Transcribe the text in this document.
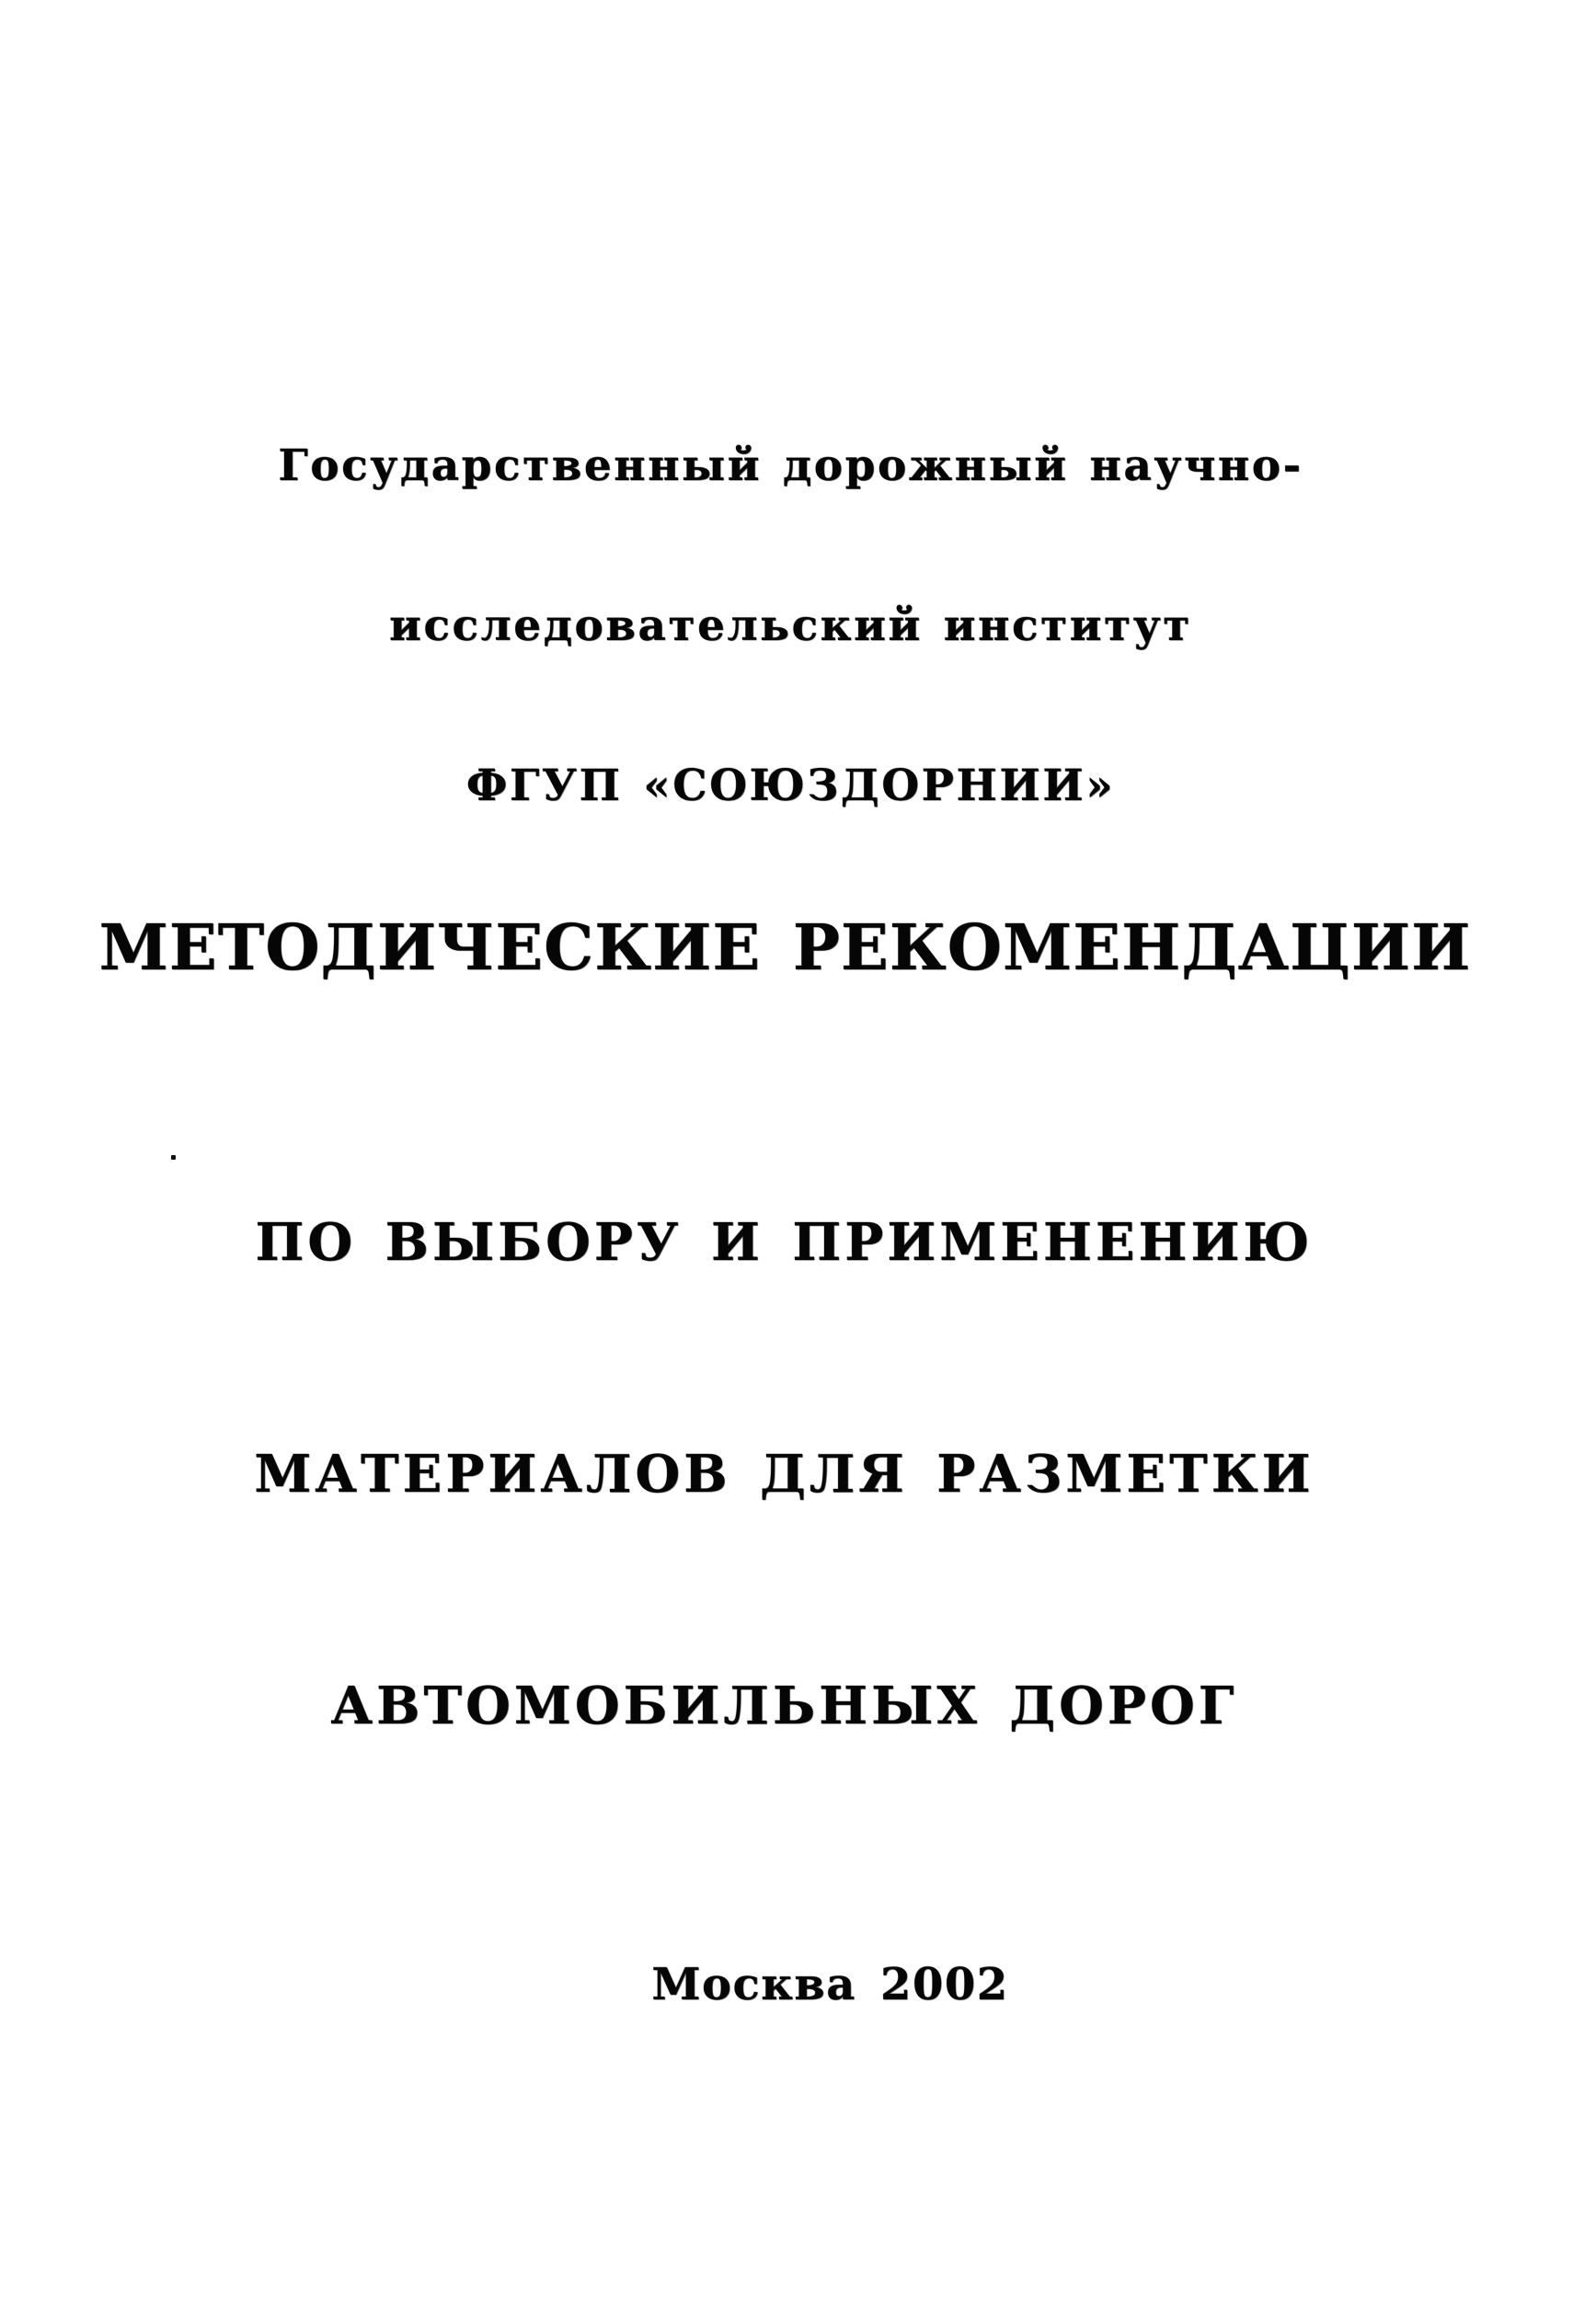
Государственный дорожный научно-

исследовательский институт

ФГУП «СОЮЗДОРНИИ»

МЕТОДИЧЕСКИЕ РЕКОМЕНДАЦИИ

ПО ВЫБОРУ И ПРИМЕНЕНИЮ

МАТЕРИАЛОВ ДЛЯ РАЗМЕТКИ

АВТОМОБИЛЬНЫХ ДОРОГ

Москва 2002
